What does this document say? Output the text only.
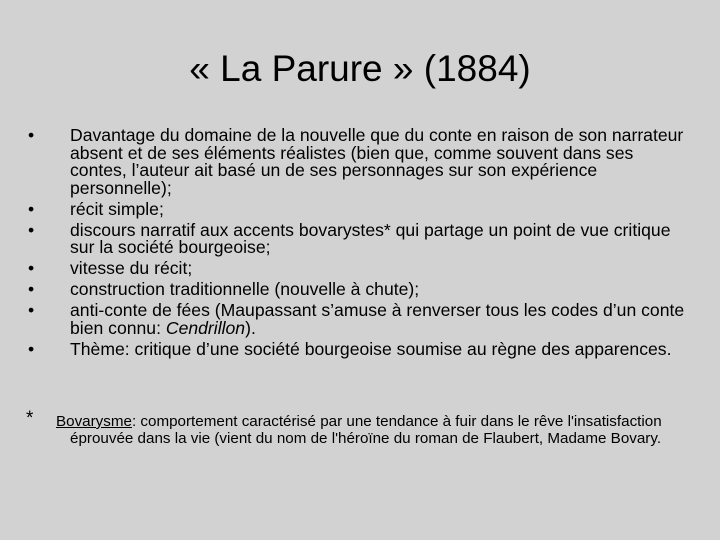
« La Parure » (1884)
•	Davantage du domaine de la nouvelle que du conte en raison de son narrateur absent et de ses éléments réalistes (bien que, comme souvent dans ses contes, l’auteur ait basé un de ses personnages sur son expérience personnelle);
•	récit simple;
•	discours narratif aux accents bovarystes* qui partage un point de vue critique sur la société bourgeoise;
•	vitesse du récit;
•	construction traditionnelle (nouvelle à chute);
•	anti-conte de fées (Maupassant s’amuse à renverser tous les codes d’un conte bien connu: Cendrillon).
•	Thème: critique d’une société bourgeoise soumise au règne des apparences.
*	Bovarysme: comportement caractérisé par une tendance à fuir dans le rêve l'insatisfaction éprouvée dans la vie (vient du nom de l'héroïne du roman de Flaubert, Madame Bovary.
